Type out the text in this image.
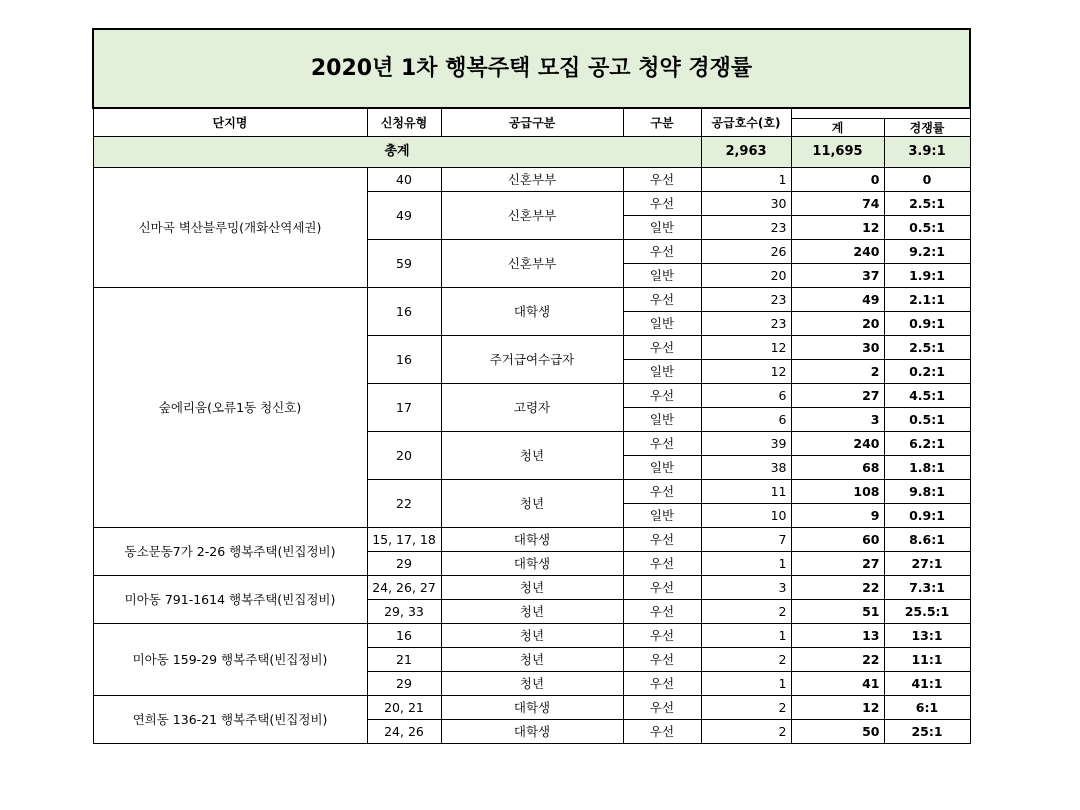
2020년 1차 행복주택 모집 공고 청약 경쟁률						
단지명	신청유형	공급구분	구분	공급호수(호)		
					계	경쟁률
총계				2,963	11,695	3.9:1
신마곡 벽산블루밍(개화산역세권)	40	신혼부부	우선	1	0	0
	49	신혼부부	우선	30	74	2.5:1
			일반	23	12	0.5:1
	59	신혼부부	우선	26	240	9.2:1
			일반	20	37	1.9:1
숲에리움(오류1동 청신호)	16	대학생	우선	23	49	2.1:1
			일반	23	20	0.9:1
	16	주거급여수급자	우선	12	30	2.5:1
			일반	12	2	0.2:1
	17	고령자	우선	6	27	4.5:1
			일반	6	3	0.5:1
	20	청년	우선	39	240	6.2:1
			일반	38	68	1.8:1
	22	청년	우선	11	108	9.8:1
			일반	10	9	0.9:1
동소문동7가 2-26 행복주택(빈집정비)	15, 17, 18	대학생	우선	7	60	8.6:1
	29	대학생	우선	1	27	27:1
미아동 791-1614 행복주택(빈집정비)	24, 26, 27	청년	우선	3	22	7.3:1
	29, 33	청년	우선	2	51	25.5:1
미아동 159-29 행복주택(빈집정비)	16	청년	우선	1	13	13:1
	21	청년	우선	2	22	11:1
	29	청년	우선	1	41	41:1
연희동 136-21 행복주택(빈집정비)	20, 21	대학생	우선	2	12	6:1
	24, 26	대학생	우선	2	50	25:1
